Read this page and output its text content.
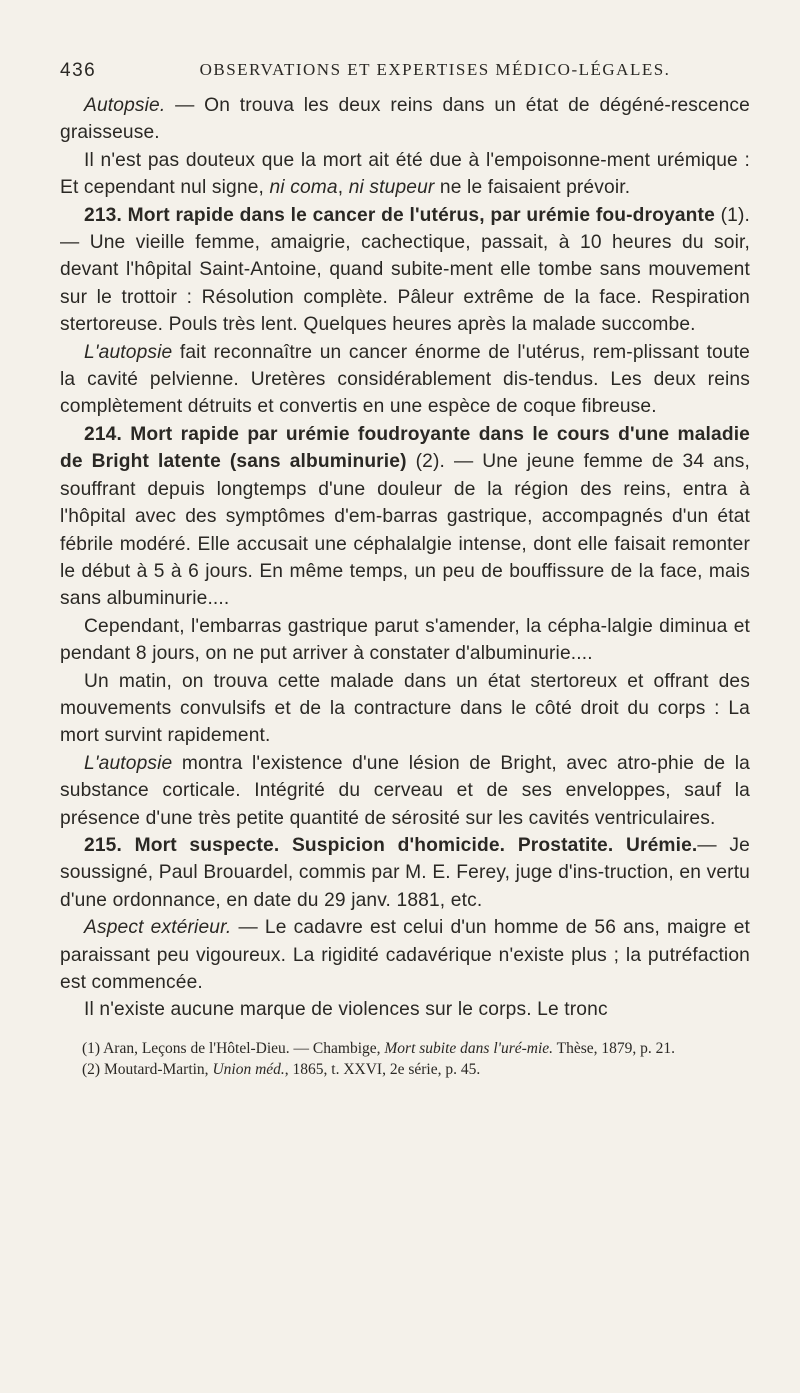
436	OBSERVATIONS ET EXPERTISES MÉDICO-LÉGALES.

Autopsie. — On trouva les deux reins dans un état de dégéné-rescence graisseuse.

Il n'est pas douteux que la mort ait été due à l'empoisonne-ment urémique : Et cependant nul signe, ni coma, ni stupeur ne le faisaient prévoir.

213. Mort rapide dans le cancer de l'utérus, par urémie fou-droyante (1). — Une vieille femme, amaigrie, cachectique, passait, à 10 heures du soir, devant l'hôpital Saint-Antoine, quand subite-ment elle tombe sans mouvement sur le trottoir : Résolution complète. Pâleur extrême de la face. Respiration stertoreuse. Pouls très lent. Quelques heures après la malade succombe.

L'autopsie fait reconnaître un cancer énorme de l'utérus, rem-plissant toute la cavité pelvienne. Uretères considérablement dis-tendus. Les deux reins complètement détruits et convertis en une espèce de coque fibreuse.

214. Mort rapide par urémie foudroyante dans le cours d'une maladie de Bright latente (sans albuminurie) (2). — Une jeune femme de 34 ans, souffrant depuis longtemps d'une douleur de la région des reins, entra à l'hôpital avec des symptômes d'em-barras gastrique, accompagnés d'un état fébrile modéré. Elle accusait une céphalalgie intense, dont elle faisait remonter le début à 5 à 6 jours. En même temps, un peu de bouffissure de la face, mais sans albuminurie....

Cependant, l'embarras gastrique parut s'amender, la cépha-lalgie diminua et pendant 8 jours, on ne put arriver à constater d'albuminurie....

Un matin, on trouva cette malade dans un état stertoreux et offrant des mouvements convulsifs et de la contracture dans le côté droit du corps : La mort survint rapidement.

L'autopsie montra l'existence d'une lésion de Bright, avec atro-phie de la substance corticale. Intégrité du cerveau et de ses enveloppes, sauf la présence d'une très petite quantité de sérosité sur les cavités ventriculaires.

215. Mort suspecte. Suspicion d'homicide. Prostatite. Urémie.— Je soussigné, Paul Brouardel, commis par M. E. Ferey, juge d'ins-truction, en vertu d'une ordonnance, en date du 29 janv. 1881, etc.

Aspect extérieur. — Le cadavre est celui d'un homme de 56 ans, maigre et paraissant peu vigoureux. La rigidité cadavérique n'existe plus ; la putréfaction est commencée.

Il n'existe aucune marque de violences sur le corps. Le tronc

(1) Aran, Leçons de l'Hôtel-Dieu. — Chambige, Mort subite dans l'uré-mie. Thèse, 1879, p. 21.

(2) Moutard-Martin, Union méd., 1865, t. XXVI, 2e série, p. 45.
